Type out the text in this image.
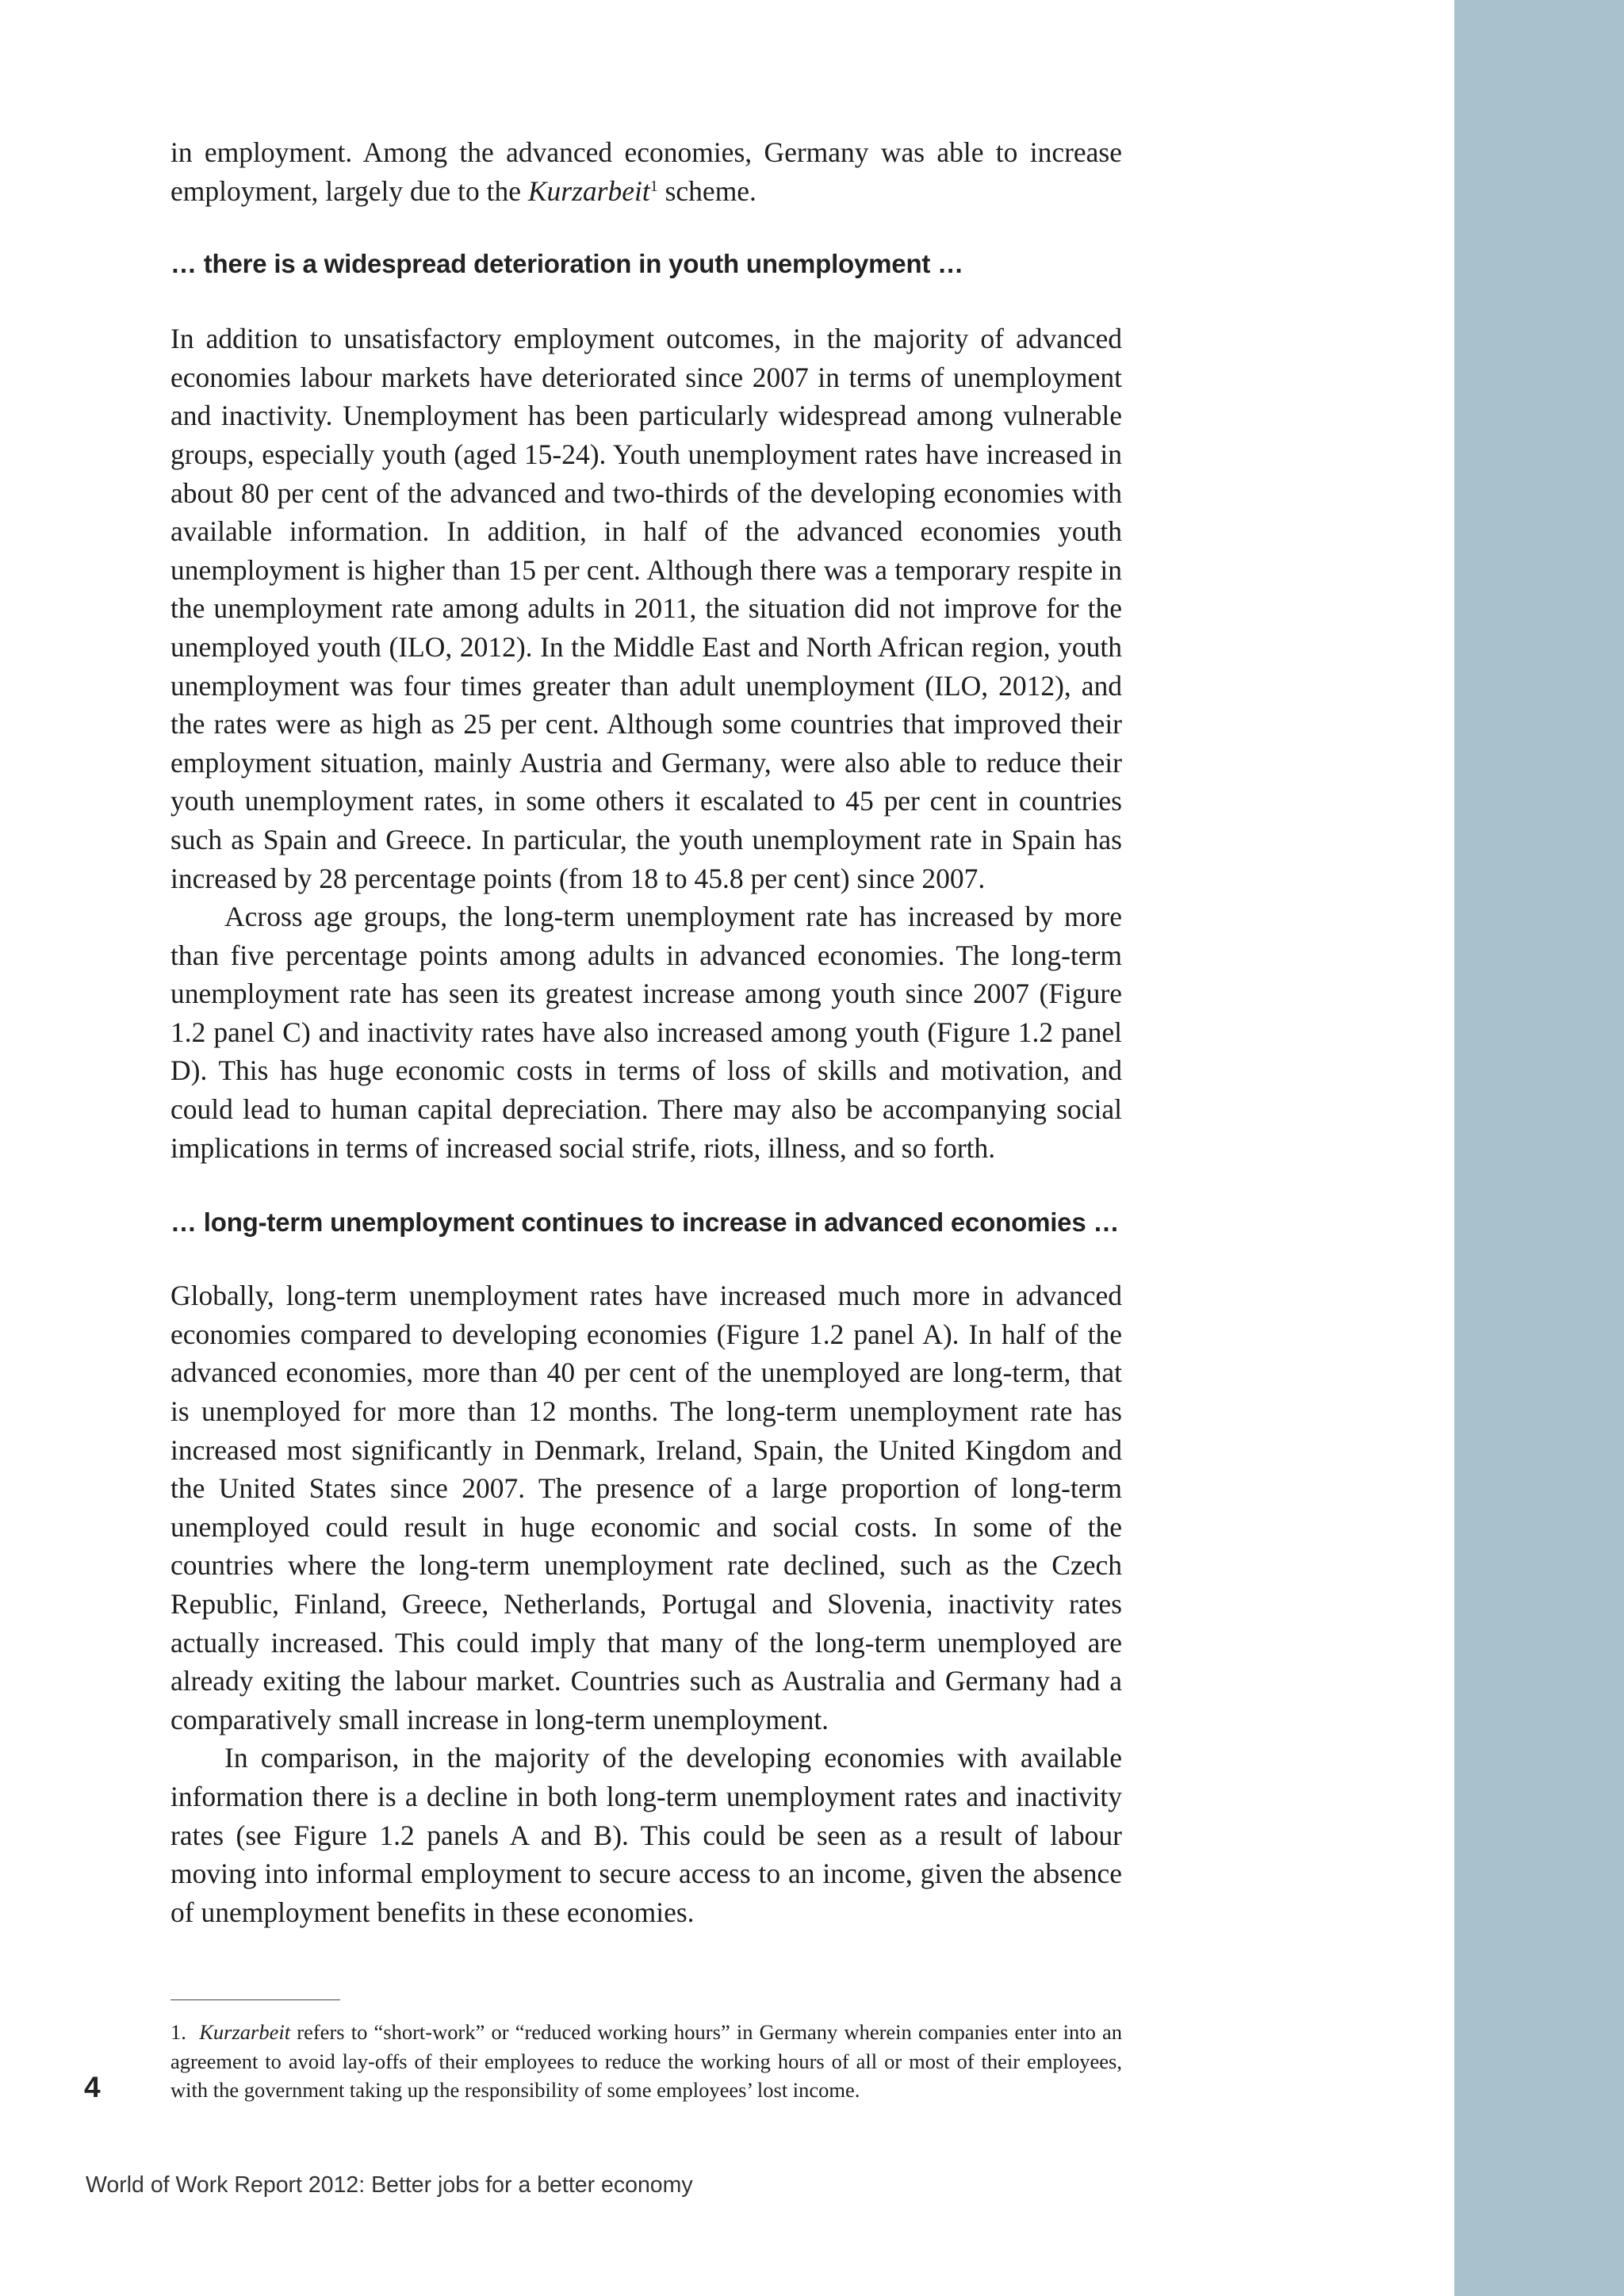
in employment. Among the advanced economies, Germany was able to increase employment, largely due to the Kurzarbeit$^1$ scheme.

… there is a widespread deterioration in youth unemployment …

In addition to unsatisfactory employment outcomes, in the majority of advanced economies labour markets have deteriorated since 2007 in terms of unemployment and inactivity. Unemployment has been particularly widespread among vulnerable groups, especially youth (aged 15-24). Youth unemployment rates have increased in about 80 per cent of the advanced and two-thirds of the developing economies with available information. In addition, in half of the advanced economies youth unemployment is higher than 15 per cent. Although there was a temporary respite in the unemployment rate among adults in 2011, the situation did not improve for the unemployed youth (ILO, 2012). In the Middle East and North African region, youth unemployment was four times greater than adult unemployment (ILO, 2012), and the rates were as high as 25 per cent. Although some countries that improved their employment situation, mainly Austria and Germany, were also able to reduce their youth unemployment rates, in some others it escalated to 45 per cent in countries such as Spain and Greece. In particular, the youth unemployment rate in Spain has increased by 28 percentage points (from 18 to 45.8 per cent) since 2007.

Across age groups, the long-term unemployment rate has increased by more than five percentage points among adults in advanced economies. The long-term unemployment rate has seen its greatest increase among youth since 2007 (Figure 1.2 panel C) and inactivity rates have also increased among youth (Figure 1.2 panel D). This has huge economic costs in terms of loss of skills and motivation, and could lead to human capital depreciation. There may also be accompanying social implications in terms of increased social strife, riots, illness, and so forth.

… long-term unemployment continues to increase in advanced economies …

Globally, long-term unemployment rates have increased much more in advanced economies compared to developing economies (Figure 1.2 panel A). In half of the advanced economies, more than 40 per cent of the unemployed are long-term, that is unemployed for more than 12 months. The long-term unemployment rate has increased most significantly in Denmark, Ireland, Spain, the United Kingdom and the United States since 2007. The presence of a large proportion of long-term unemployed could result in huge economic and social costs. In some of the countries where the long-term unemployment rate declined, such as the Czech Republic, Finland, Greece, Netherlands, Portugal and Slovenia, inactivity rates actually increased. This could imply that many of the long-term unemployed are already exiting the labour market. Countries such as Australia and Germany had a comparatively small increase in long-term unemployment.

In comparison, in the majority of the developing economies with available information there is a decline in both long-term unemployment rates and inactivity rates (see Figure 1.2 panels A and B). This could be seen as a result of labour moving into informal employment to secure access to an income, given the absence of unemployment benefits in these economies.

1. Kurzarbeit refers to “short-work” or “reduced working hours” in Germany wherein companies enter into an agreement to avoid lay-offs of their employees to reduce the working hours of all or most of their employees, with the government taking up the responsibility of some employees’ lost income.

4
World of Work Report 2012: Better jobs for a better economy
